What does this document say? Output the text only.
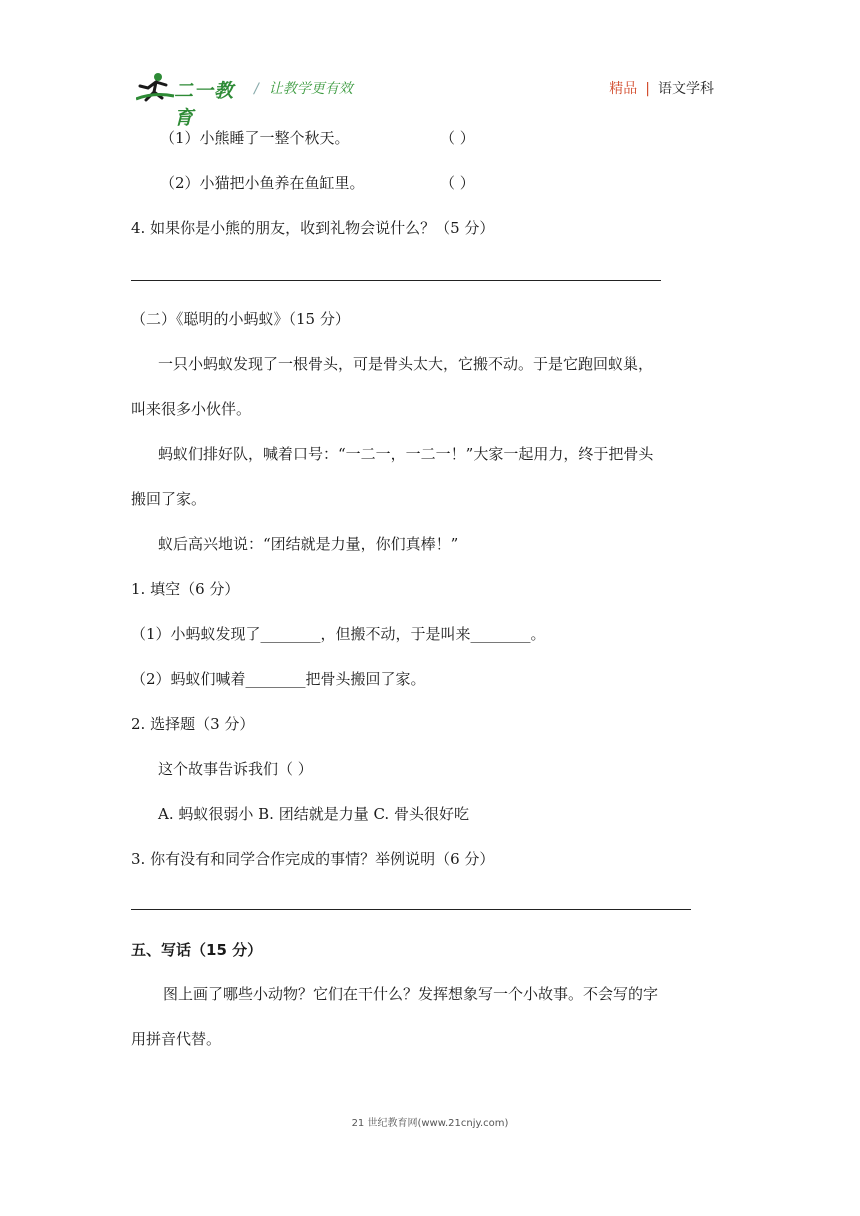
二一教育
/ 让教学更有效	精品 | 语文学科
（1）小熊睡了一整个秋天。	（ ）
（2）小猫把小鱼养在鱼缸里。	（ ）
4. 如果你是小熊的朋友，收到礼物会说什么？（5 分）
（二）《聪明的小蚂蚁》（15 分）
一只小蚂蚁发现了一根骨头，可是骨头太大，它搬不动。于是它跑回蚁巢，
叫来很多小伙伴。
蚂蚁们排好队，喊着口号：“一二一，一二一！”大家一起用力，终于把骨头
搬回了家。
蚁后高兴地说：“团结就是力量，你们真棒！”
1. 填空（6 分）
（1）小蚂蚁发现了________，但搬不动，于是叫来________。
（2）蚂蚁们喊着________把骨头搬回了家。
2. 选择题（3 分）
这个故事告诉我们（ ）
A. 蚂蚁很弱小 B. 团结就是力量 C. 骨头很好吃
3. 你有没有和同学合作完成的事情？举例说明（6 分）
五、写话（15 分）
图上画了哪些小动物？它们在干什么？发挥想象写一个小故事。不会写的字
用拼音代替。
21 世纪教育网(www.21cnjy.com)
